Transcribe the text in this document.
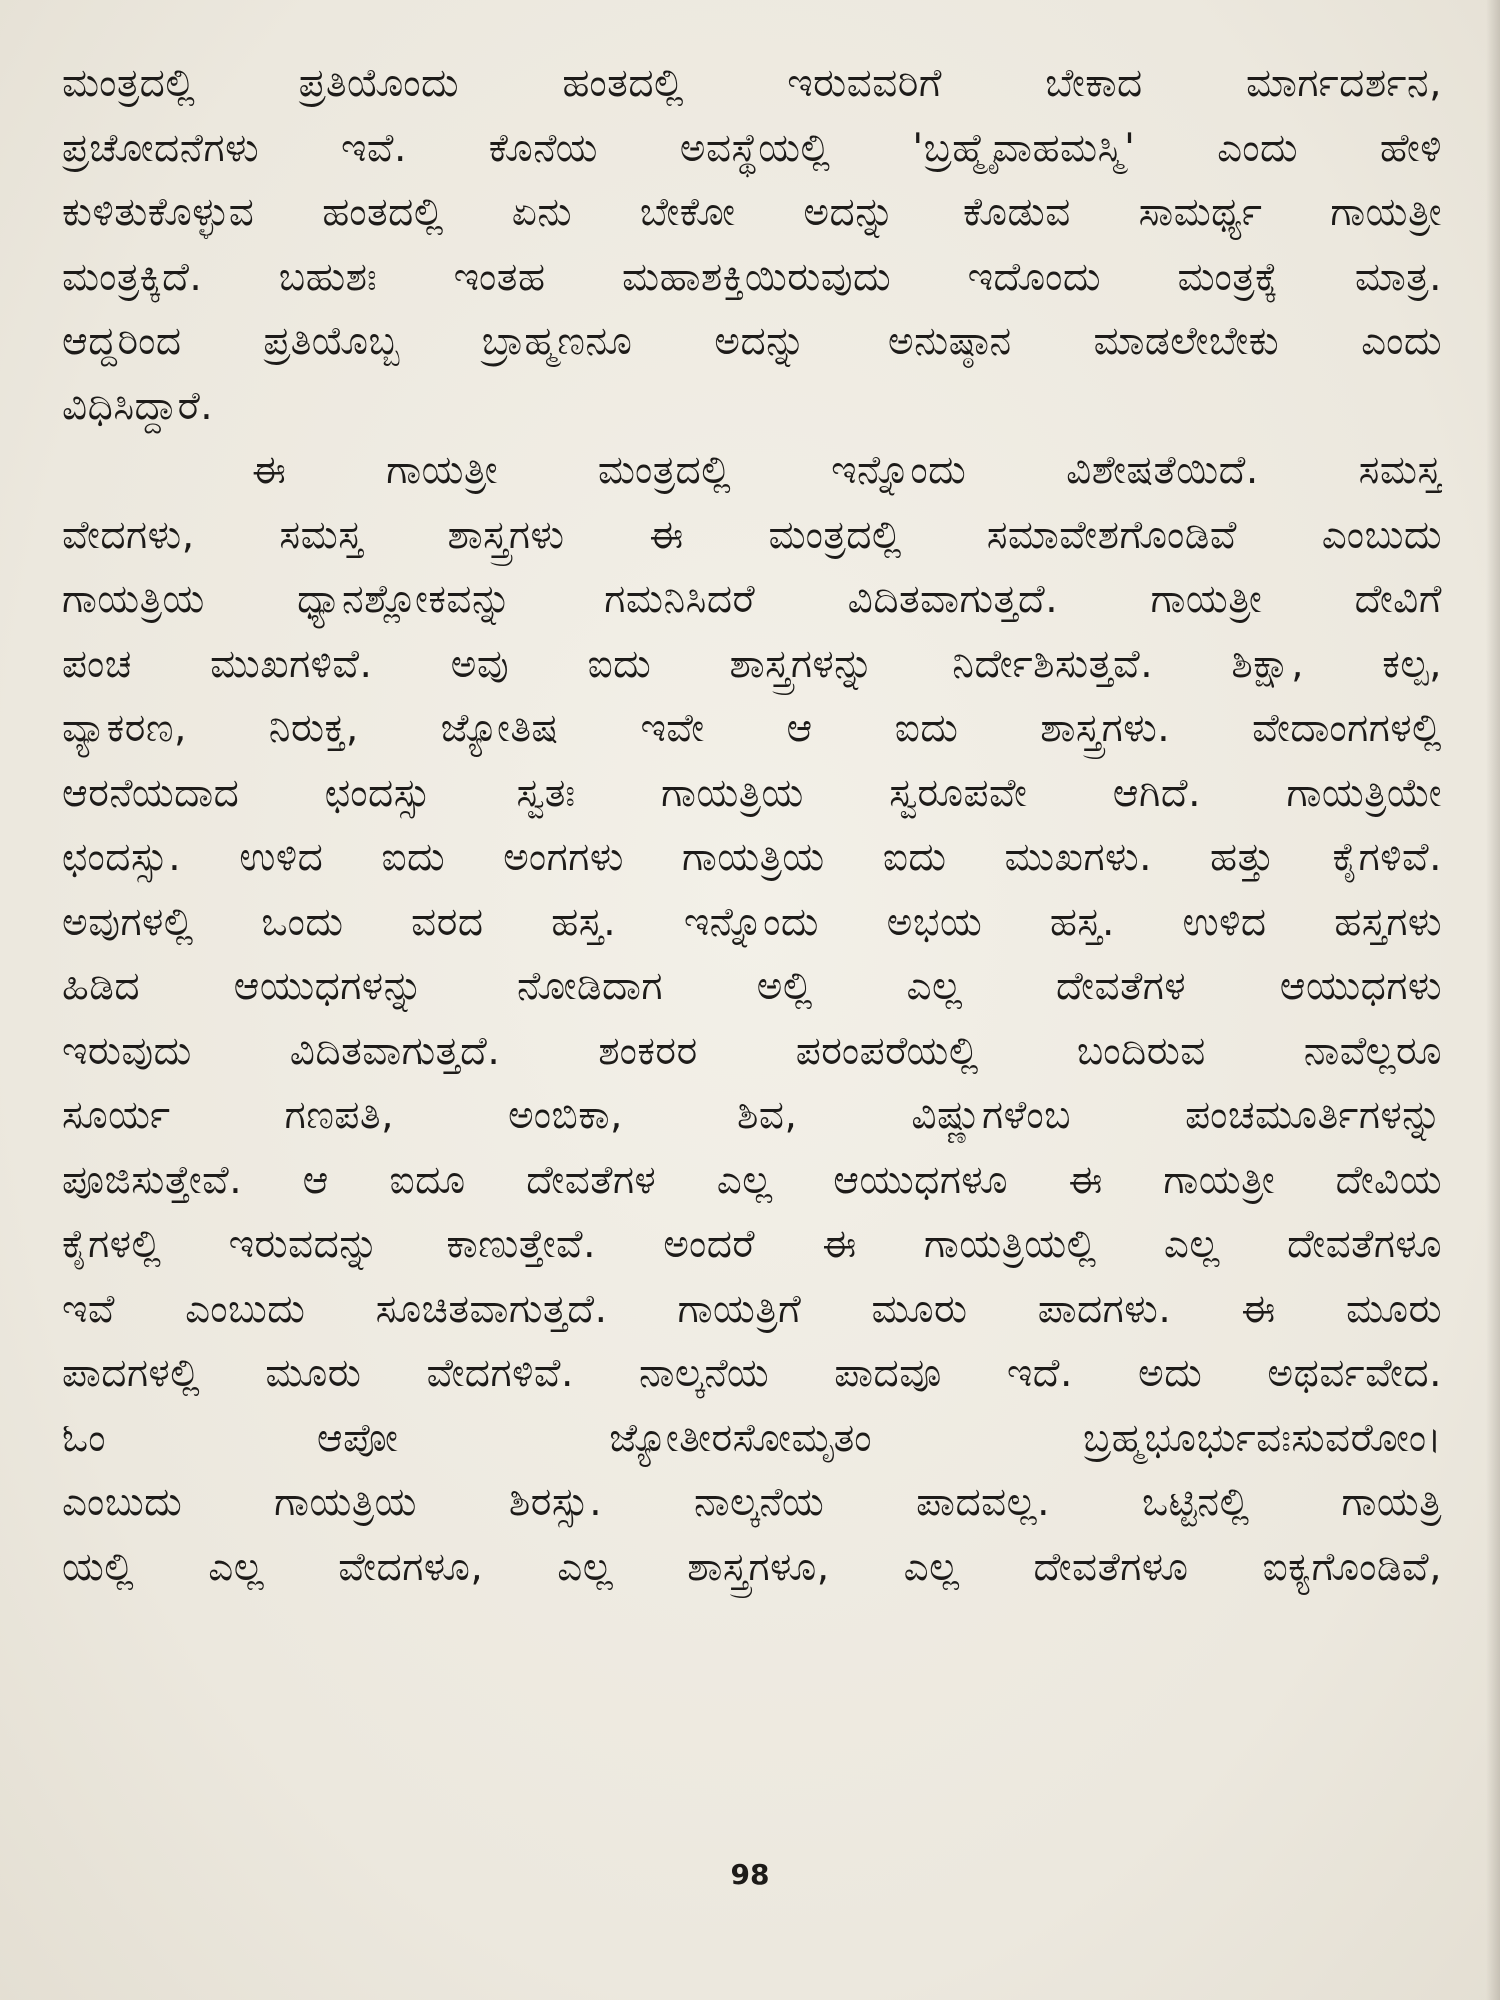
ಮಂತ್ರದಲ್ಲಿ ಪ್ರತಿಯೊಂದು ಹಂತದಲ್ಲಿ ಇರುವವರಿಗೆ ಬೇಕಾದ ಮಾರ್ಗದರ್ಶನ,
ಪ್ರಚೋದನೆಗಳು ಇವೆ. ಕೊನೆಯ ಅವಸ್ಥೆಯಲ್ಲಿ 'ಬ್ರಹ್ಮೈವಾಹಮಸ್ಮಿ' ಎಂದು ಹೇಳಿ
ಕುಳಿತುಕೊಳ್ಳುವ ಹಂತದಲ್ಲಿ ಏನು ಬೇಕೋ ಅದನ್ನು ಕೊಡುವ ಸಾಮರ್ಥ್ಯ ಗಾಯತ್ರೀ
ಮಂತ್ರಕ್ಕಿದೆ. ಬಹುಶಃ ಇಂತಹ ಮಹಾಶಕ್ತಿಯಿರುವುದು ಇದೊಂದು ಮಂತ್ರಕ್ಕೆ ಮಾತ್ರ.
ಆದ್ದರಿಂದ ಪ್ರತಿಯೊಬ್ಬ ಬ್ರಾಹ್ಮಣನೂ ಅದನ್ನು ಅನುಷ್ಠಾನ ಮಾಡಲೇಬೇಕು ಎಂದು
ವಿಧಿಸಿದ್ದಾರೆ.
ಈ ಗಾಯತ್ರೀ ಮಂತ್ರದಲ್ಲಿ ಇನ್ನೊಂದು ವಿಶೇಷತೆಯಿದೆ. ಸಮಸ್ತ
ವೇದಗಳು, ಸಮಸ್ತ ಶಾಸ್ತ್ರಗಳು ಈ ಮಂತ್ರದಲ್ಲಿ ಸಮಾವೇಶಗೊಂಡಿವೆ ಎಂಬುದು
ಗಾಯತ್ರಿಯ ಧ್ಯಾನಶ್ಲೋಕವನ್ನು ಗಮನಿಸಿದರೆ ವಿದಿತವಾಗುತ್ತದೆ. ಗಾಯತ್ರೀ ದೇವಿಗೆ
ಪಂಚ ಮುಖಗಳಿವೆ. ಅವು ಐದು ಶಾಸ್ತ್ರಗಳನ್ನು ನಿರ್ದೇಶಿಸುತ್ತವೆ. ಶಿಕ್ಷಾ, ಕಲ್ಪ,
ವ್ಯಾಕರಣ, ನಿರುಕ್ತ, ಜ್ಯೋತಿಷ ಇವೇ ಆ ಐದು ಶಾಸ್ತ್ರಗಳು. ವೇದಾಂಗಗಳಲ್ಲಿ
ಆರನೆಯದಾದ ಛಂದಸ್ಸು ಸ್ವತಃ ಗಾಯತ್ರಿಯ ಸ್ವರೂಪವೇ ಆಗಿದೆ. ಗಾಯತ್ರಿಯೇ
ಛಂದಸ್ಸು. ಉಳಿದ ಐದು ಅಂಗಗಳು ಗಾಯತ್ರಿಯ ಐದು ಮುಖಗಳು. ಹತ್ತು ಕೈಗಳಿವೆ.
ಅವುಗಳಲ್ಲಿ ಒಂದು ವರದ ಹಸ್ತ. ಇನ್ನೊಂದು ಅಭಯ ಹಸ್ತ. ಉಳಿದ ಹಸ್ತಗಳು
ಹಿಡಿದ ಆಯುಧಗಳನ್ನು ನೋಡಿದಾಗ ಅಲ್ಲಿ ಎಲ್ಲ ದೇವತೆಗಳ ಆಯುಧಗಳು
ಇರುವುದು ವಿದಿತವಾಗುತ್ತದೆ. ಶಂಕರರ ಪರಂಪರೆಯಲ್ಲಿ ಬಂದಿರುವ ನಾವೆಲ್ಲರೂ
ಸೂರ್ಯ ಗಣಪತಿ, ಅಂಬಿಕಾ, ಶಿವ, ವಿಷ್ಣುಗಳೆಂಬ ಪಂಚಮೂರ್ತಿಗಳನ್ನು
ಪೂಜಿಸುತ್ತೇವೆ. ಆ ಐದೂ ದೇವತೆಗಳ ಎಲ್ಲ ಆಯುಧಗಳೂ ಈ ಗಾಯತ್ರೀ ದೇವಿಯ
ಕೈಗಳಲ್ಲಿ ಇರುವದನ್ನು ಕಾಣುತ್ತೇವೆ. ಅಂದರೆ ಈ ಗಾಯತ್ರಿಯಲ್ಲಿ ಎಲ್ಲ ದೇವತೆಗಳೂ
ಇವೆ ಎಂಬುದು ಸೂಚಿತವಾಗುತ್ತದೆ. ಗಾಯತ್ರಿಗೆ ಮೂರು ಪಾದಗಳು. ಈ ಮೂರು
ಪಾದಗಳಲ್ಲಿ ಮೂರು ವೇದಗಳಿವೆ. ನಾಲ್ಕನೆಯ ಪಾದವೂ ಇದೆ. ಅದು ಅಥರ್ವವೇದ.
ಓಂ ಆಪೋ ಜ್ಯೋತೀರಸೋಮೃತಂ ಬ್ರಹ್ಮಭೂರ್ಭುವಃಸುವರೋಂ।
ಎಂಬುದು ಗಾಯತ್ರಿಯ ಶಿರಸ್ಸು. ನಾಲ್ಕನೆಯ ಪಾದವಲ್ಲ. ಒಟ್ಟಿನಲ್ಲಿ ಗಾಯತ್ರಿ
ಯಲ್ಲಿ ಎಲ್ಲ ವೇದಗಳೂ, ಎಲ್ಲ ಶಾಸ್ತ್ರಗಳೂ, ಎಲ್ಲ ದೇವತೆಗಳೂ ಐಕ್ಯಗೊಂಡಿವೆ,
98
